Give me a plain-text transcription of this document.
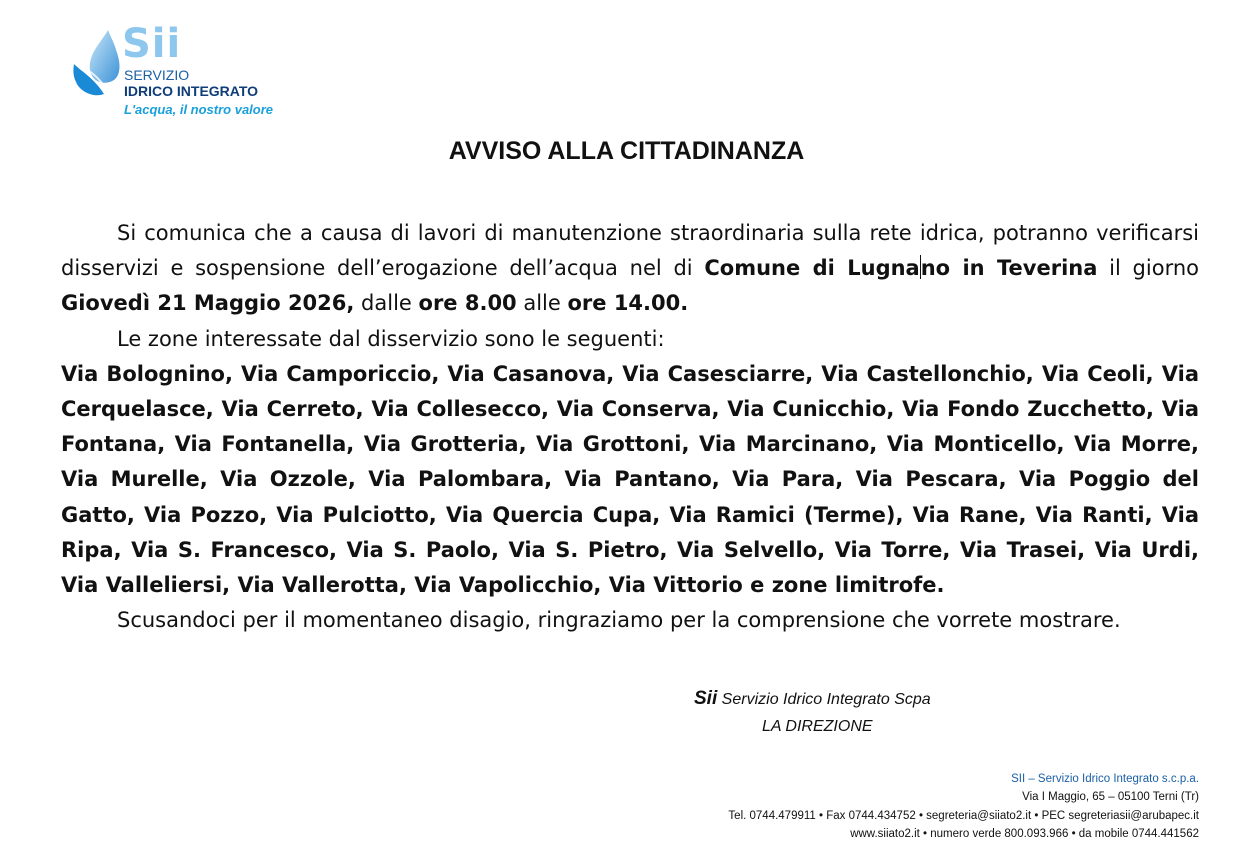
Sii
SERVIZIO
IDRICO INTEGRATO
L'acqua, il nostro valore
AVVISO ALLA CITTADINANZA

Si comunica che a causa di lavori di manutenzione straordinaria sulla rete idrica, potranno verificarsi disservizi e sospensione dell’erogazione dell’acqua nel di Comune di Lugnano in Teverina il giorno Giovedì 21 Maggio 2026, dalle ore 8.00 alle ore 14.00.

Le zone interessate dal disservizio sono le seguenti:

Via Bolognino, Via Camporiccio, Via Casanova, Via Casesciarre, Via Castellonchio, Via Ceoli, Via Cerquelasce, Via Cerreto, Via Collesecco, Via Conserva, Via Cunicchio, Via Fondo Zucchetto, Via Fontana, Via Fontanella, Via Grotteria, Via Grottoni, Via Marcinano, Via Monticello, Via Morre, Via Murelle, Via Ozzole, Via Palombara, Via Pantano, Via Para, Via Pescara, Via Poggio del Gatto, Via Pozzo, Via Pulciotto, Via Quercia Cupa, Via Ramici (Terme), Via Rane, Via Ranti, Via Ripa, Via S. Francesco, Via S. Paolo, Via S. Pietro, Via Selvello, Via Torre, Via Trasei, Via Urdi, Via Valleliersi, Via Vallerotta, Via Vapolicchio, Via Vittorio e zone limitrofe.

Scusandoci per il momentaneo disagio, ringraziamo per la comprensione che vorrete mostrare.

Sii Servizio Idrico Integrato Scpa
LA DIREZIONE
SII – Servizio Idrico Integrato s.c.p.a.
Via I Maggio, 65 – 05100 Terni (Tr)
Tel. 0744.479911 • Fax 0744.434752 • segreteria@siiato2.it • PEC segreteriasii@arubapec.it
www.siiato2.it • numero verde 800.093.966 • da mobile 0744.441562
